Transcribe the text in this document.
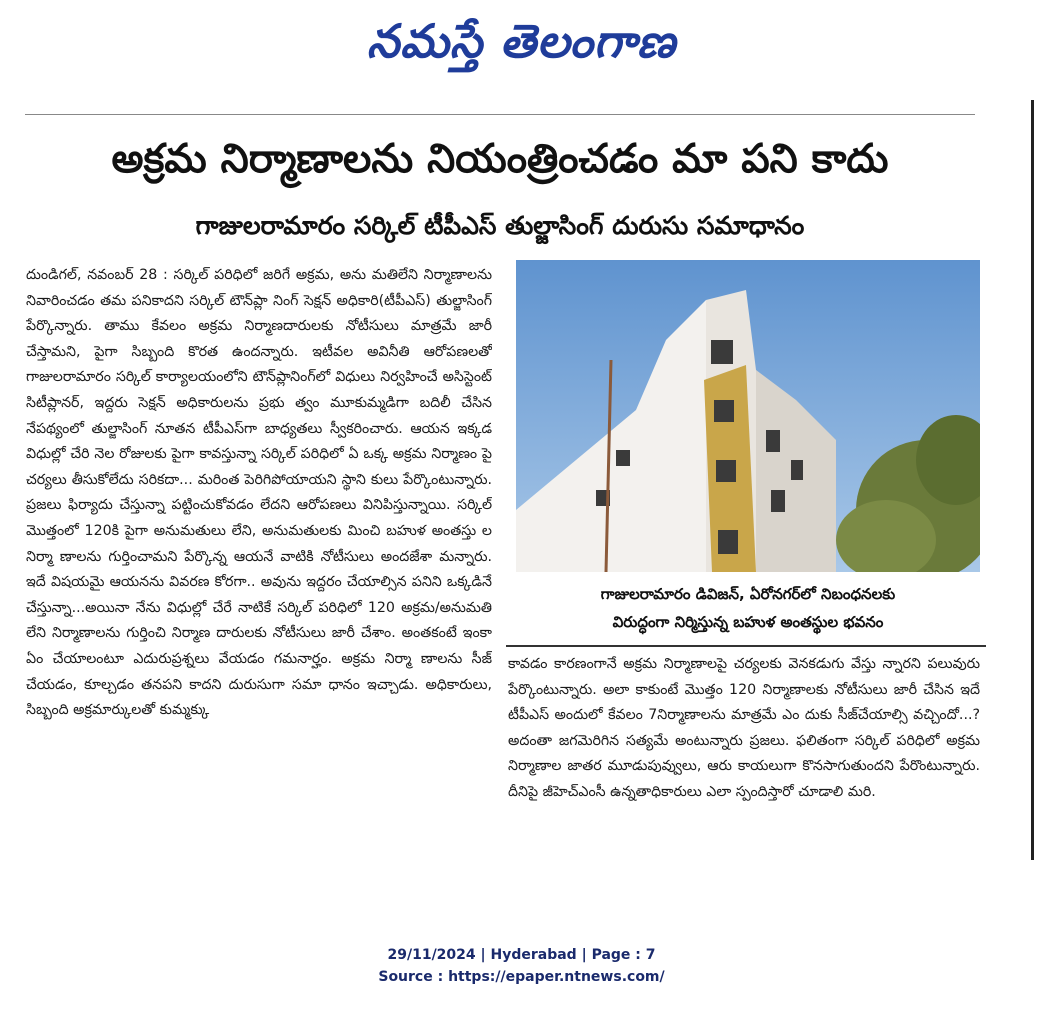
నమస్తే తెలంగాణ
అక్రమ నిర్మాణాలను నియంత్రించడం మా పని కాదు
గాజులరామారం సర్కిల్ టీపీఎస్ తుల్జాసింగ్ దురుసు సమాధానం

దుండిగల్, నవంబర్ 28 : సర్కిల్ పరిధిలో జరిగే అక్రమ, అను మతిలేని నిర్మాణాలను నివారించడం తమ పనికాదని సర్కిల్ టౌన్‌ప్లా నింగ్ సెక్షన్ అధికారి(టీపీఎస్) తుల్జాసింగ్ పేర్కొన్నారు. తాము కేవలం అక్రమ నిర్మాణదారులకు నోటీసులు మాత్రమే జారీ చేస్తామని, పైగా సిబ్బంది కొరత ఉందన్నారు. ఇటీవల అవినీతి ఆరోపణలతో గాజులరామారం సర్కిల్ కార్యాలయంలోని టౌన్‌ప్లానింగ్‌లో విధులు నిర్వహించే అసిస్టెంట్ సిటీప్లానర్, ఇద్దరు సెక్షన్ అధికారులను ప్రభు త్వం మూకుమ్మడిగా బదిలీ చేసిన నేపథ్యంలో తుల్జాసింగ్ నూతన టీపీఎస్‌గా బాధ్యతలు స్వీకరించారు. ఆయన ఇక్కడ విధుల్లో చేరి నెల రోజులకు పైగా కావస్తున్నా సర్కిల్ పరిధిలో ఏ ఒక్క అక్రమ నిర్మాణం పై చర్యలు తీసుకోలేదు సరికదా... మరింత పెరిగిపోయాయని స్థాని కులు పేర్కొంటున్నారు. ప్రజలు ఫిర్యాదు చేస్తున్నా పట్టించుకోవడం లేదని ఆరోపణలు వినిపిస్తున్నాయి. సర్కిల్ మొత్తంలో 120కి పైగా అనుమతులు లేని, అనుమతులకు మించి బహుళ అంతస్తు ల నిర్మా ణాలను గుర్తించామని పేర్కొన్న ఆయనే వాటికి నోటీసులు అందజేశా మన్నారు. ఇదే విషయమై ఆయనను వివరణ కోరగా.. అవును ఇద్దరం చేయాల్సిన పనిని ఒక్కడినే చేస్తున్నా...అయినా నేను విధుల్లో చేరే నాటికే సర్కిల్ పరిధిలో 120 అక్రమ/అనుమతి లేని నిర్మాణాలను గుర్తించి నిర్మాణ దారులకు నోటీసులు జారీ చేశాం. అంతకంటే ఇంకా ఏం చేయాలంటూ ఎదురుప్రశ్నలు వేయడం గమనార్హం. అక్రమ నిర్మా ణాలను సీజ్ చేయడం, కూల్చడం తనపని కాదని దురుసుగా సమా ధానం ఇచ్చాడు. అధికారులు, సిబ్బంది అక్రమార్కులతో కుమ్మక్కు

గాజులరామారం డివిజన్, ఏరోనగర్‌లో నిబంధనలకు
విరుద్ధంగా నిర్మిస్తున్న బహుళ అంతస్థుల భవనం

కావడం కారణంగానే అక్రమ నిర్మాణాలపై చర్యలకు వెనకడుగు వేస్తు న్నారని పలువురు పేర్కొంటున్నారు. అలా కాకుంటే మొత్తం 120 నిర్మాణాలకు నోటీసులు జారీ చేసిన ఇదే టీపీఎస్ అందులో కేవలం 7నిర్మాణాలను మాత్రమే ఎం దుకు సీజ్‌చేయాల్సి వచ్చిందో...? అదంతా జగమెరిగిన సత్యమే అంటున్నారు ప్రజలు. ఫలితంగా సర్కిల్ పరిధిలో అక్రమ నిర్మాణాల జాతర మూడుపువ్వులు, ఆరు కాయలుగా కొనసాగుతుందని పేరొంటున్నారు. దీనిపై జీహెచ్‌ఎంసీ ఉన్నతాధికారులు ఎలా స్పందిస్తారో చూడాలి మరి.

29/11/2024 | Hyderabad | Page : 7
Source : https://epaper.ntnews.com/
